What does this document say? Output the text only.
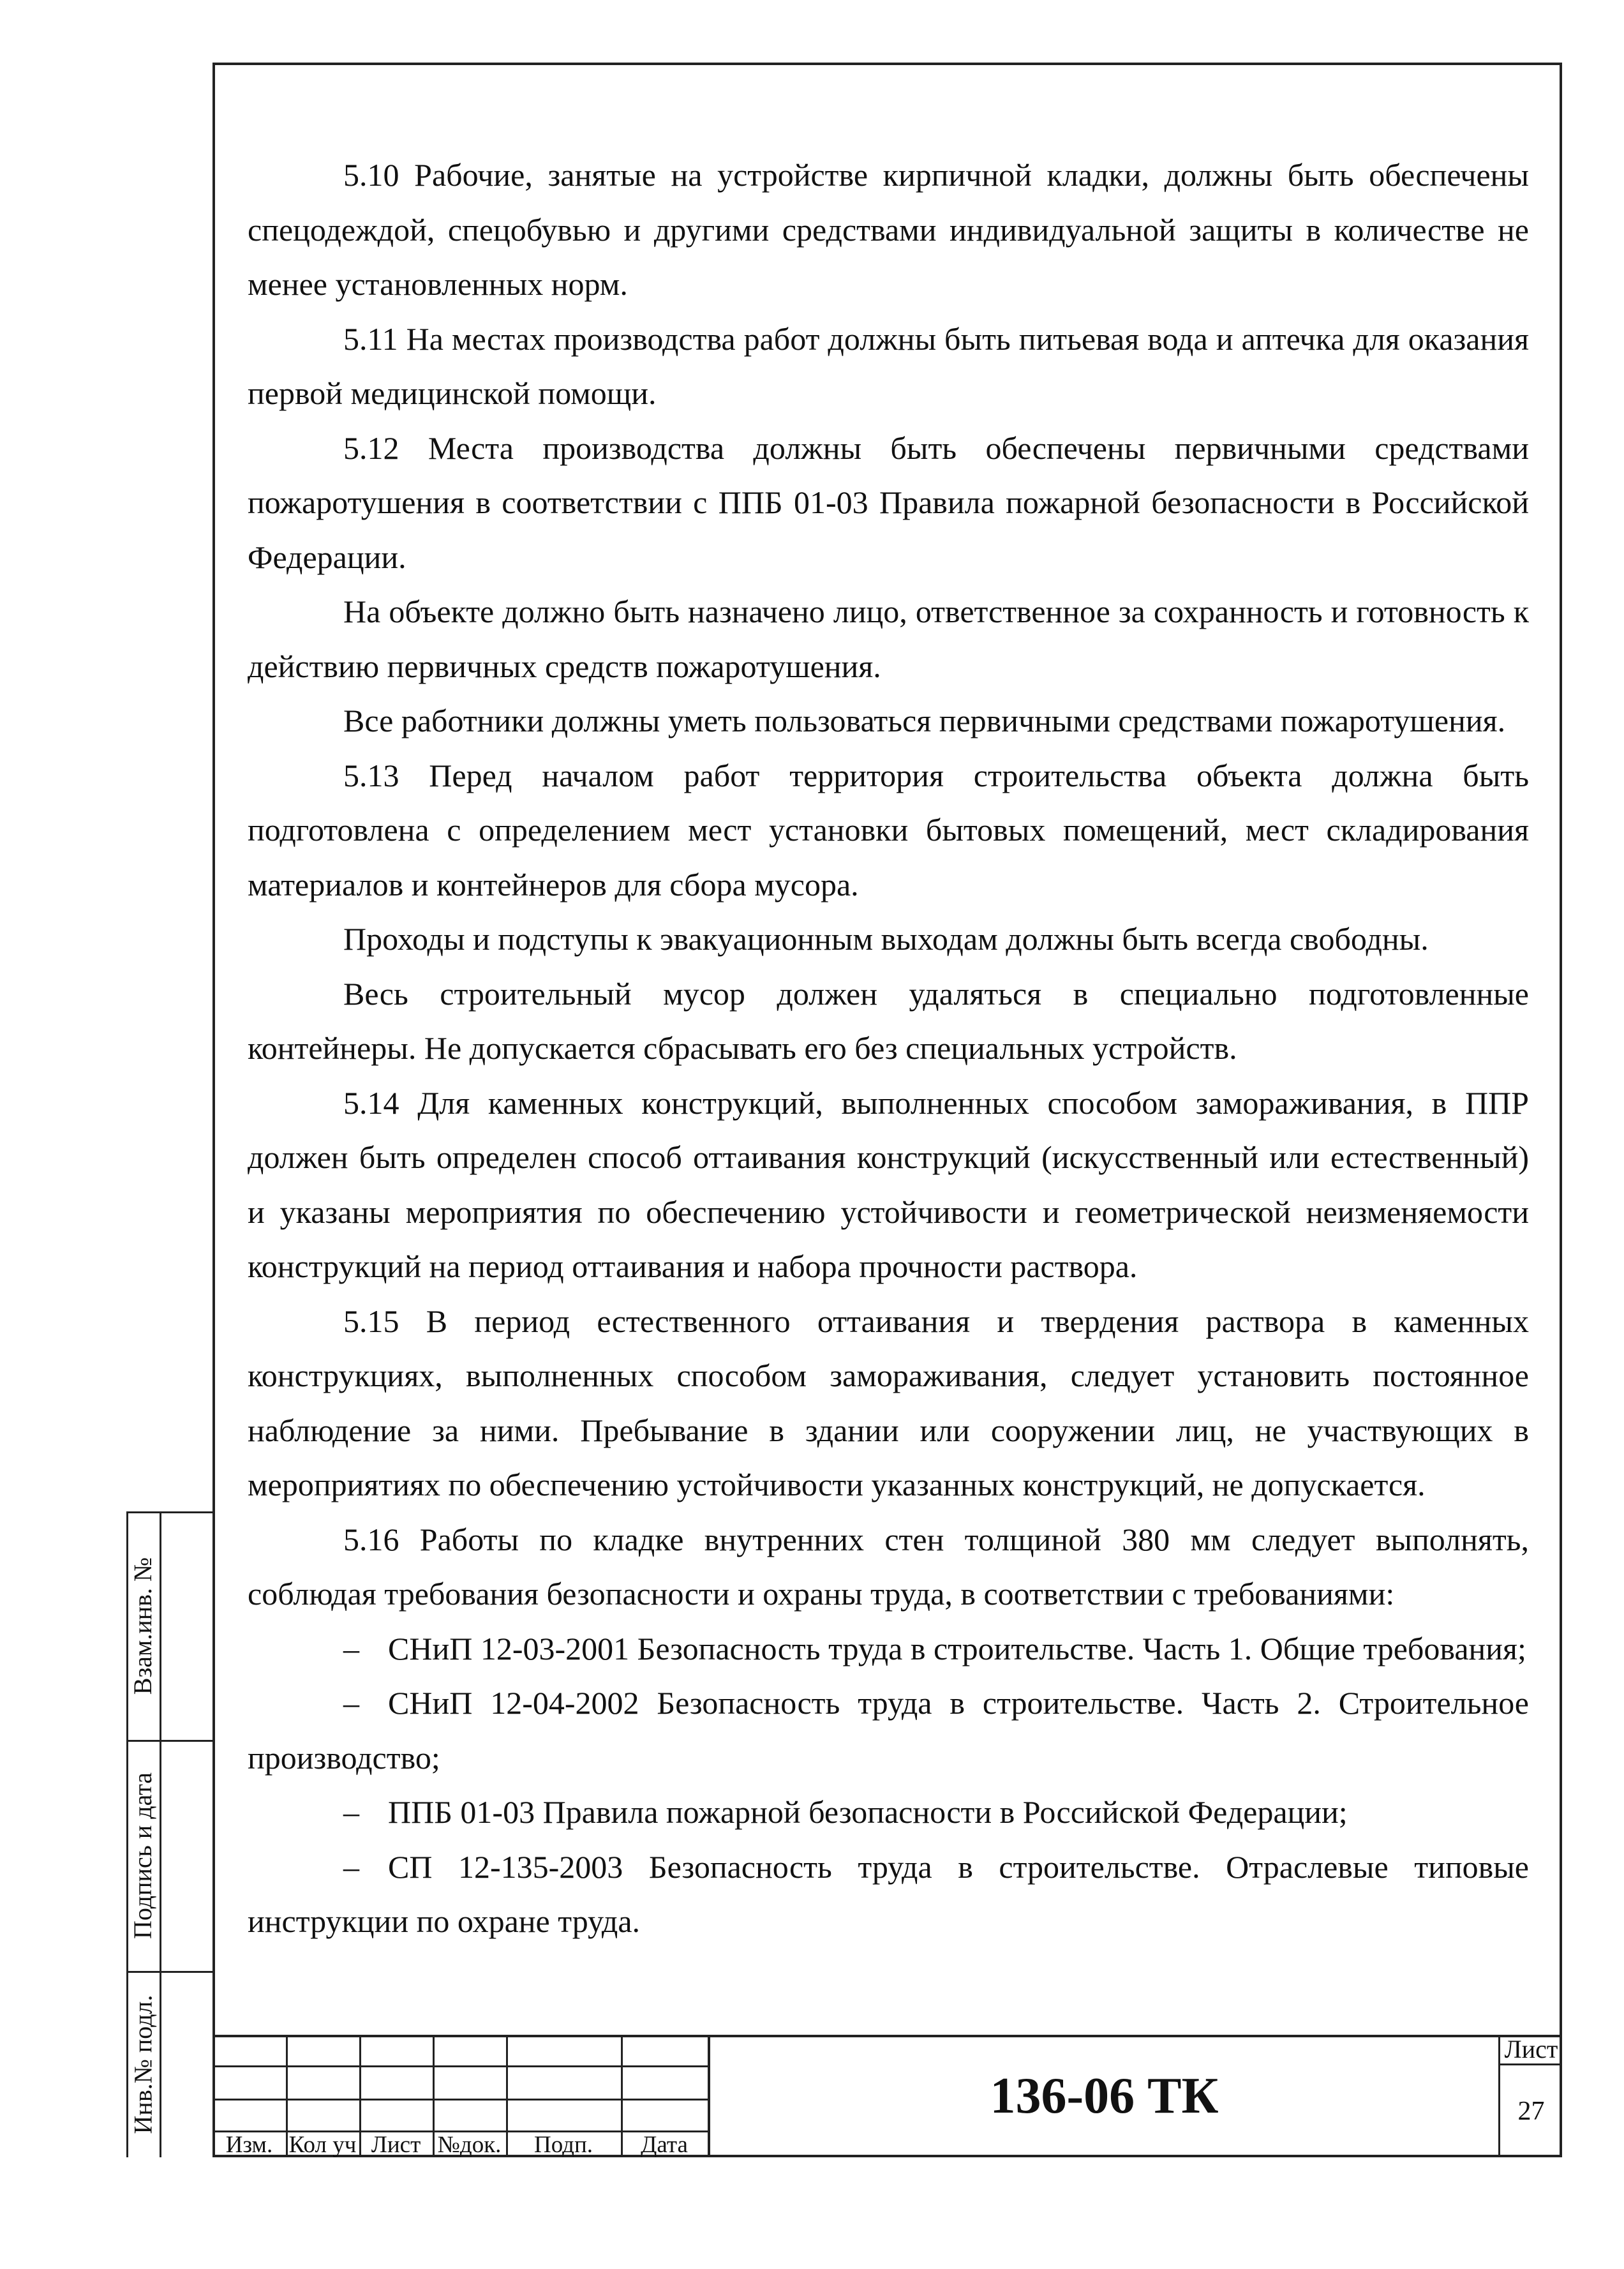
5.10 Рабочие, занятые на устройстве кирпичной кладки, должны быть обеспечены спецодеждой, спецобувью и другими средствами индивидуальной защиты в количестве не менее установленных норм.

5.11 На местах производства работ должны быть питьевая вода и аптечка для оказания первой медицинской помощи.

5.12 Места производства должны быть обеспечены первичными средствами пожаротушения в соответствии с ППБ 01-03 Правила пожарной безопасности в Российской Федерации.

На объекте должно быть назначено лицо, ответственное за сохранность и готовность к действию первичных средств пожаротушения.

Все работники должны уметь пользоваться первичными средствами пожаротушения.

5.13 Перед началом работ территория строительства объекта должна быть подготовлена с определением мест установки бытовых помещений, мест складирования материалов и контейнеров для сбора мусора.

Проходы и подступы к эвакуационным выходам должны быть всегда свободны.

Весь строительный мусор должен удаляться в специально подготовленные контейнеры. Не допускается сбрасывать его без специальных устройств.

5.14 Для каменных конструкций, выполненных способом замораживания, в ППР должен быть определен способ оттаивания конструкций (искусственный или естественный) и указаны мероприятия по обеспечению устойчивости и геометрической неизменяемости конструкций на период оттаивания и набора прочности раствора.

5.15 В период естественного оттаивания и твердения раствора в каменных конструкциях, выполненных способом замораживания, следует установить постоянное наблюдение за ними. Пребывание в здании или сооружении лиц, не участвующих в мероприятиях по обеспечению устойчивости указанных конструкций, не допускается.

5.16 Работы по кладке внутренних стен толщиной 380 мм следует выполнять, соблюдая требования безопасности и охраны труда, в соответствии с требованиями:

– СНиП 12-03-2001 Безопасность труда в строительстве. Часть 1. Общие требования;

– СНиП 12-04-2002 Безопасность труда в строительстве. Часть 2. Строительное производство;

– ППБ 01-03 Правила пожарной безопасности в Российской Федерации;

– СП 12-135-2003 Безопасность труда в строительстве. Отраслевые типовые инструкции по охране труда.

Взам.инв. №
Подпись и дата
Инв.№ подл.
Изм. Кол уч Лист №док.	Подп.	Дата
136-06 ТК
Лист
27
